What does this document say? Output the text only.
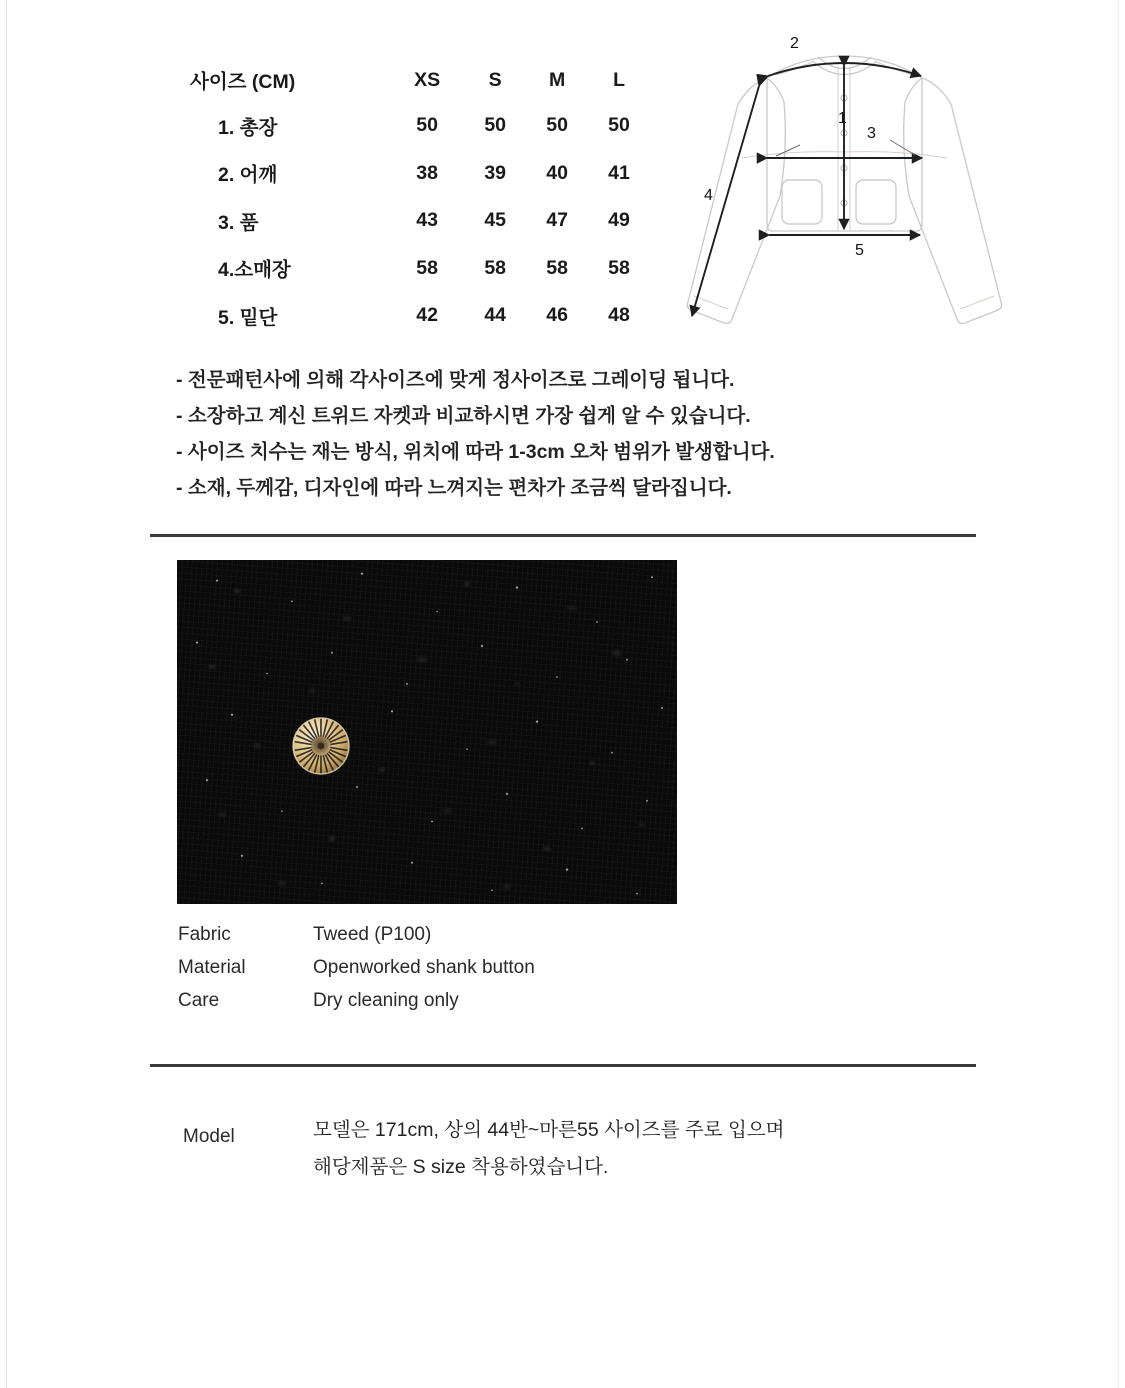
사이즈 (CM)	XS	S	M	L
1. 총장	50	50	50	50
2. 어깨	38	39	40	41
3. 품	43	45	47	49
4.소매장	58	58	58	58
5. 밑단	42	44	46	48
1
2
3
4
5
- 전문패턴사에 의해 각사이즈에 맞게 정사이즈로 그레이딩 됩니다.
- 소장하고 계신 트위드 자켓과 비교하시면 가장 쉽게 알 수 있습니다.
- 사이즈 치수는 재는 방식, 위치에 따라 1-3cm 오차 범위가 발생합니다.
- 소재, 두께감, 디자인에 따라 느껴지는 편차가 조금씩 달라집니다.
Fabric	Tweed (P100)
Material	Openworked shank button
Care	Dry cleaning only
Model	모델은 171cm, 상의 44반~마른55 사이즈를 주로 입으며
해당제품은 S size 착용하였습니다.
